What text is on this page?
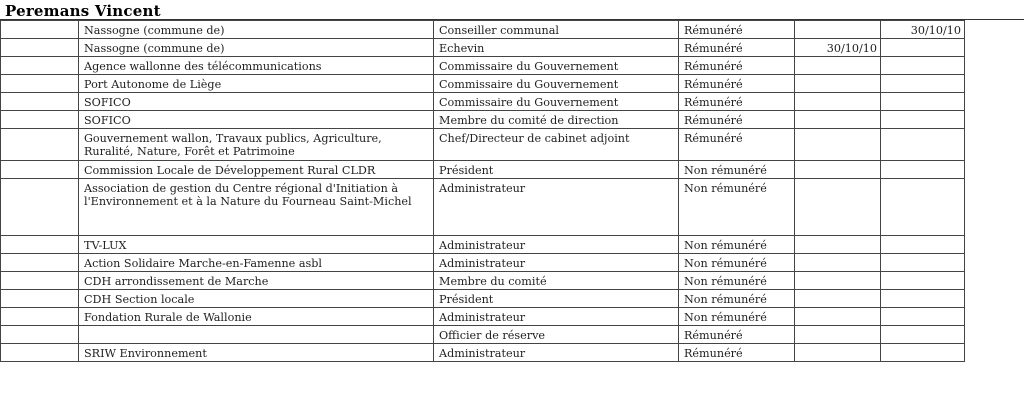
Peremans Vincent
	Nassogne (commune de)	Conseiller communal	Rémunéré		30/10/10
	Nassogne (commune de)	Echevin	Rémunéré	30/10/10	
	Agence wallonne des télécommunications	Commissaire du Gouvernement	Rémunéré		
	Port Autonome de Liège	Commissaire du Gouvernement	Rémunéré		
	SOFICO	Commissaire du Gouvernement	Rémunéré		
	SOFICO	Membre du comité de direction	Rémunéré		
	Gouvernement wallon, Travaux publics, Agriculture, Ruralité, Nature, Forêt et Patrimoine	Chef/Directeur de cabinet adjoint	Rémunéré		
	Commission Locale de Développement Rural CLDR	Président	Non rémunéré		
	Association de gestion du Centre régional d'Initiation à l'Environnement et à la Nature du Fourneau Saint-Michel	Administrateur	Non rémunéré		
	TV-LUX	Administrateur	Non rémunéré		
	Action Solidaire Marche-en-Famenne asbl	Administrateur	Non rémunéré		
	CDH arrondissement de Marche	Membre du comité	Non rémunéré		
	CDH Section locale	Président	Non rémunéré		
	Fondation Rurale de Wallonie	Administrateur	Non rémunéré		
		Officier de réserve	Rémunéré		
	SRIW Environnement	Administrateur	Rémunéré		
